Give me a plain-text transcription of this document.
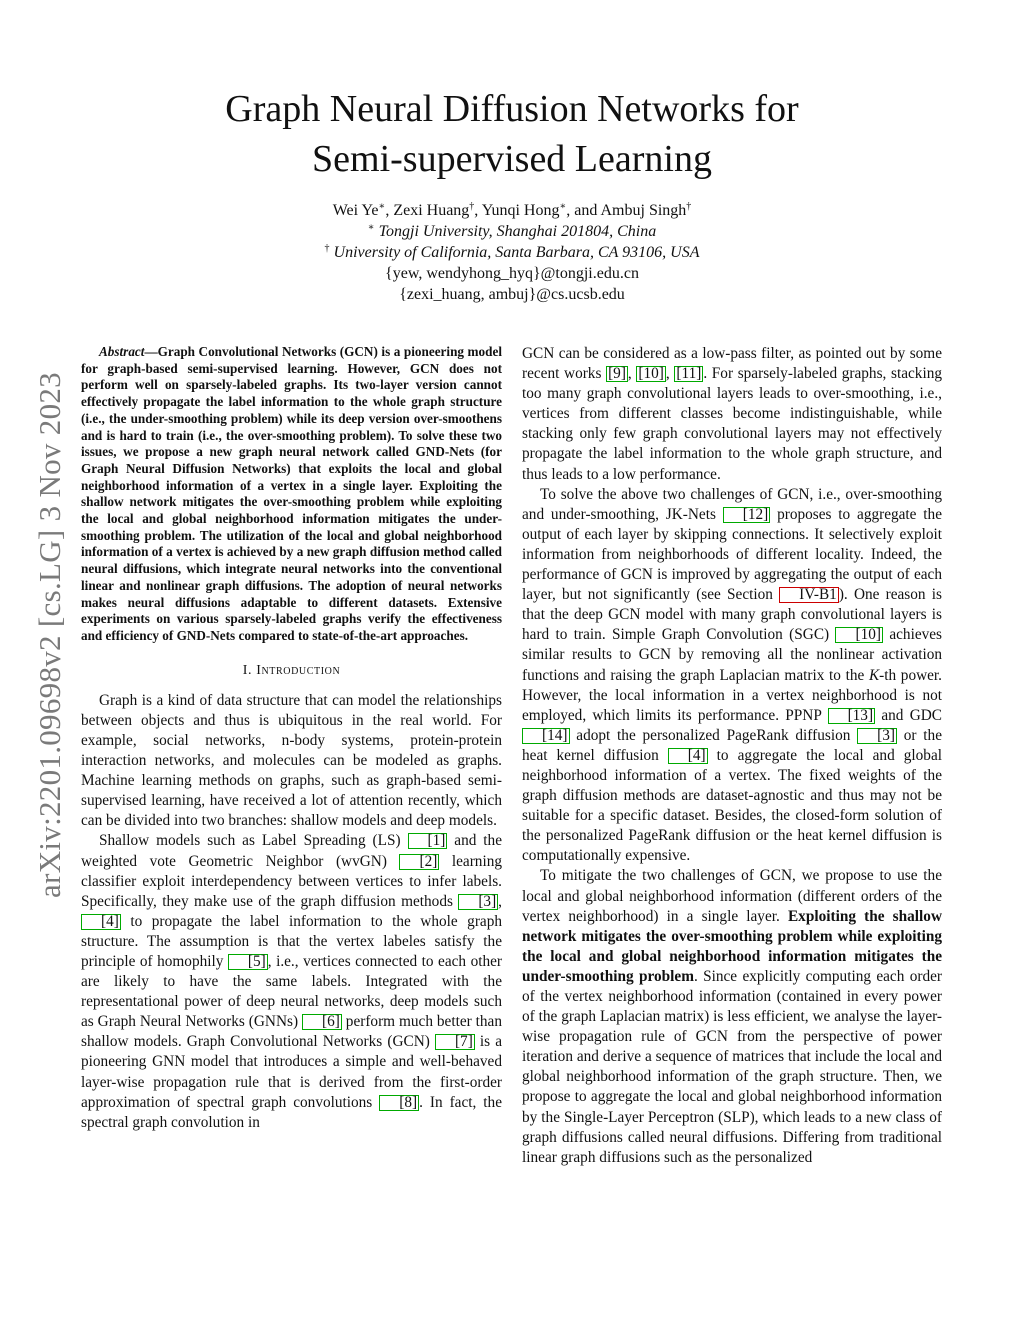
arXiv:2201.09698v2 [cs.LG] 3 Nov 2023
Graph Neural Diffusion Networks for
Semi-supervised Learning
Wei Ye∗, Zexi Huang†, Yunqi Hong∗, and Ambuj Singh†
∗ Tongji University, Shanghai 201804, China
† University of California, Santa Barbara, CA 93106, USA
{yew, wendyhong_hyq}@tongji.edu.cn
{zexi_huang, ambuj}@cs.ucsb.edu

Abstract—Graph Convolutional Networks (GCN) is a pioneering model for graph-based semi-supervised learning. However, GCN does not perform well on sparsely-labeled graphs. Its two-layer version cannot effectively propagate the label information to the whole graph structure (i.e., the under-smoothing problem) while its deep version over-smoothens and is hard to train (i.e., the over-smoothing problem). To solve these two issues, we propose a new graph neural network called GND-Nets (for Graph Neural Diffusion Networks) that exploits the local and global neighborhood information of a vertex in a single layer. Exploiting the shallow network mitigates the over-smoothing problem while exploiting the local and global neighborhood information mitigates the under-smoothing problem. The utilization of the local and global neighborhood information of a vertex is achieved by a new graph diffusion method called neural diffusions, which integrate neural networks into the conventional linear and nonlinear graph diffusions. The adoption of neural networks makes neural diffusions adaptable to different datasets. Extensive experiments on various sparsely-labeled graphs verify the effectiveness and efficiency of GND-Nets compared to state-of-the-art approaches.

I. Introduction

Graph is a kind of data structure that can model the relationships between objects and thus is ubiquitous in the real world. For example, social networks, n-body systems, protein-protein interaction networks, and molecules can be modeled as graphs. Machine learning methods on graphs, such as graph-based semi-supervised learning, have received a lot of attention recently, which can be divided into two branches: shallow models and deep models.

Shallow models such as Label Spreading (LS) [1] and the weighted vote Geometric Neighbor (wvGN) [2] learning classifier exploit interdependency between vertices to infer labels. Specifically, they make use of the graph diffusion methods [3] , [4] to propagate the label information to the whole graph structure. The assumption is that the vertex labeles satisfy the principle of homophily [5] , i.e., vertices connected to each other are likely to have the same labels. Integrated with the representational power of deep neural networks, deep models such as Graph Neural Networks (GNNs) [6] perform much better than shallow models. Graph Convolutional Networks (GCN) [7] is a pioneering GNN model that introduces a simple and well-behaved layer-wise propagation rule that is derived from the first-order approximation of spectral graph convolutions [8] . In fact, the spectral graph convolution in

GCN can be considered as a low-pass filter, as pointed out by some recent works [9] , [10] , [11] . For sparsely-labeled graphs, stacking too many graph convolutional layers leads to over-smoothing, i.e., vertices from different classes become indistinguishable, while stacking only few graph convolutional layers may not effectively propagate the label information to the whole graph structure, and thus leads to a low performance.

To solve the above two challenges of GCN, i.e., over-smoothing and under-smoothing, JK-Nets [12] proposes to aggregate the output of each layer by skipping connections. It selectively exploit information from neighborhoods of different locality. Indeed, the performance of GCN is improved by aggregating the output of each layer, but not significantly (see Section IV-B1 ). One reason is that the deep GCN model with many graph convolutional layers is hard to train. Simple Graph Convolution (SGC) [10] achieves similar results to GCN by removing all the nonlinear activation functions and raising the graph Laplacian matrix to the K-th power. However, the local information in a vertex neighborhood is not employed, which limits its performance. PPNP [13] and GDC [14] adopt the personalized PageRank diffusion [3] or the heat kernel diffusion [4] to aggregate the local and global neighborhood information of a vertex. The fixed weights of the graph diffusion methods are dataset-agnostic and thus may not be suitable for a specific dataset. Besides, the closed-form solution of the personalized PageRank diffusion or the heat kernel diffusion is computationally expensive.

To mitigate the two challenges of GCN, we propose to use the local and global neighborhood information (different orders of the vertex neighborhood) in a single layer. Exploiting the shallow network mitigates the over-smoothing problem while exploiting the local and global neighborhood information mitigates the under-smoothing problem. Since explicitly computing each order of the vertex neighborhood information (contained in every power of the graph Laplacian matrix) is less efficient, we analyse the layer-wise propagation rule of GCN from the perspective of power iteration and derive a sequence of matrices that include the local and global neighborhood information of the graph structure. Then, we propose to aggregate the local and global neighborhood information by the Single-Layer Perceptron (SLP), which leads to a new class of graph diffusions called neural diffusions. Differing from traditional linear graph diffusions such as the personalized
